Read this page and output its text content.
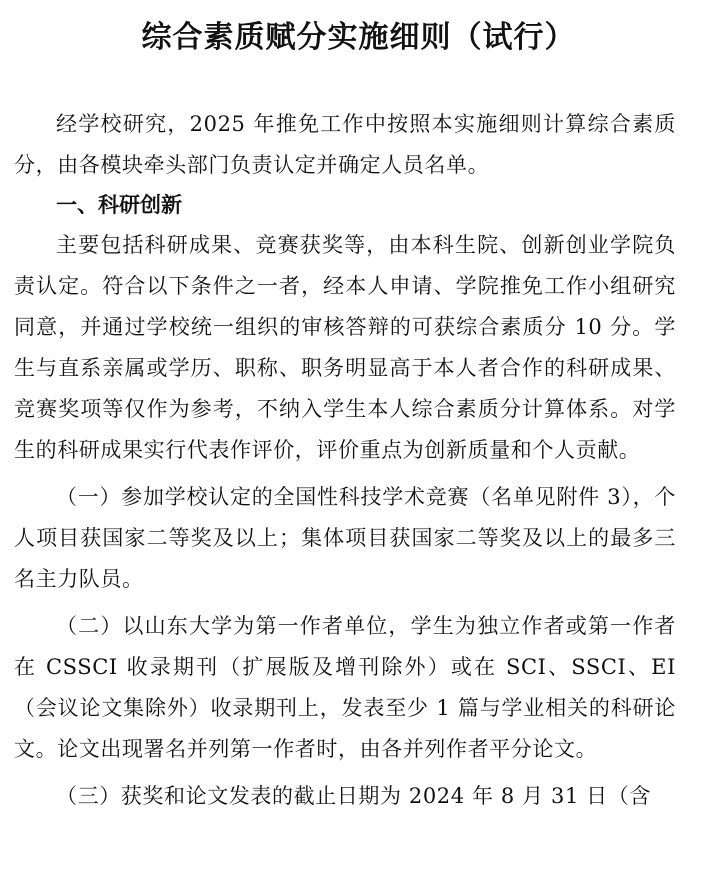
综合素质赋分实施细则（试行）

经学校研究，2025 年推免工作中按照本实施细则计算综合素质分，由各模块牵头部门负责认定并确定人员名单。

一、科研创新

主要包括科研成果、竞赛获奖等，由本科生院、创新创业学院负责认定。符合以下条件之一者，经本人申请、学院推免工作小组研究同意，并通过学校统一组织的审核答辩的可获综合素质分 10 分。学生与直系亲属或学历、职称、职务明显高于本人者合作的科研成果、竞赛奖项等仅作为参考，不纳入学生本人综合素质分计算体系。对学生的科研成果实行代表作评价，评价重点为创新质量和个人贡献。

（一）参加学校认定的全国性科技学术竞赛（名单见附件 3），个人项目获国家二等奖及以上；集体项目获国家二等奖及以上的最多三名主力队员。

（二）以山东大学为第一作者单位，学生为独立作者或第一作者在 CSSCI 收录期刊（扩展版及增刊除外）或在 SCI、SSCI、EI（会议论文集除外）收录期刊上，发表至少 1 篇与学业相关的科研论文。论文出现署名并列第一作者时，由各并列作者平分论文。

（三）获奖和论文发表的截止日期为 2024 年 8 月 31 日（含
